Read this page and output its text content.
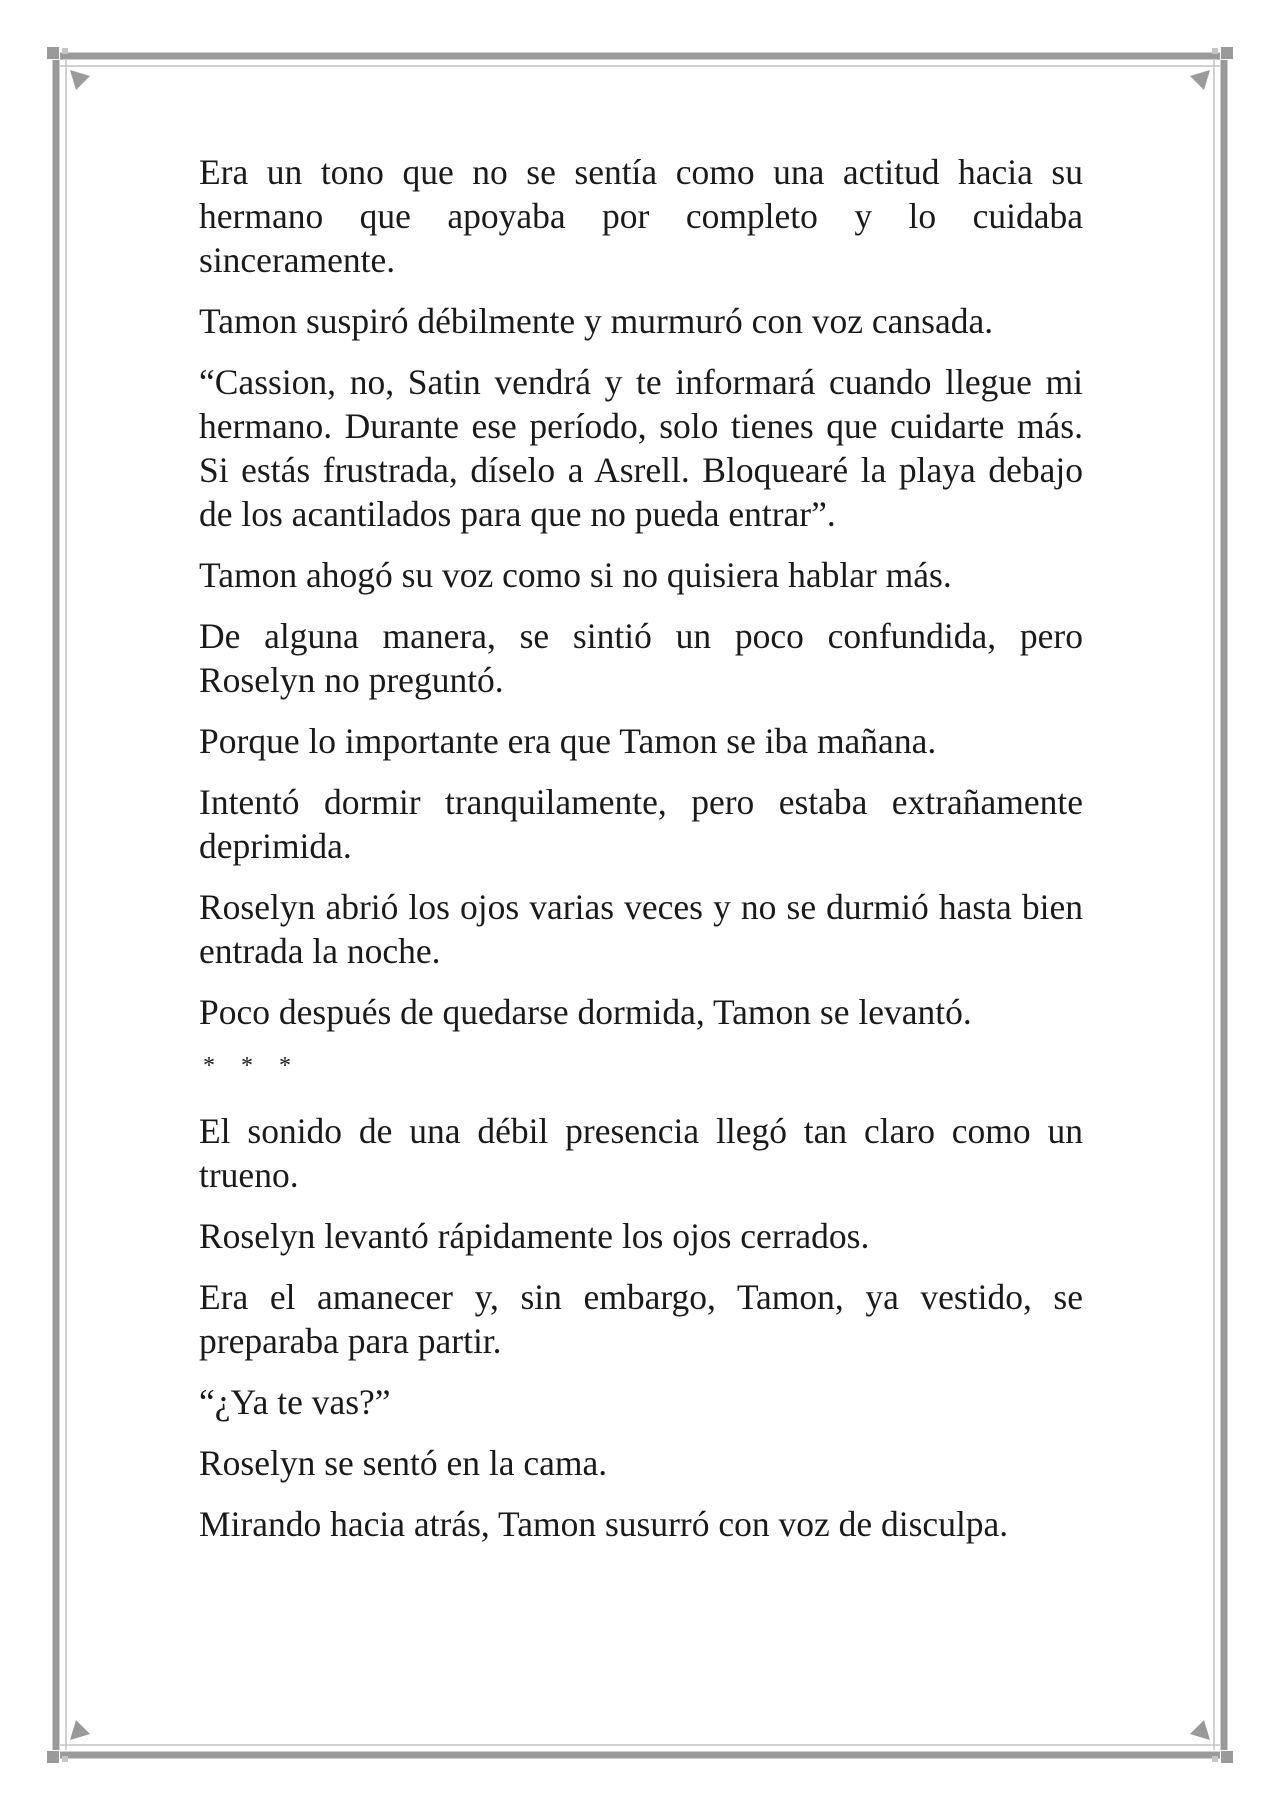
Era un tono que no se sentía como una actitud hacia su hermano que apoyaba por completo y lo cuidaba sinceramente.

Tamon suspiró débilmente y murmuró con voz cansada.

“Cassion, no, Satin vendrá y te informará cuando llegue mi hermano. Durante ese período, solo tienes que cuidarte más. Si estás frustrada, díselo a Asrell. Bloquearé la playa debajo de los acantilados para que no pueda entrar”.

Tamon ahogó su voz como si no quisiera hablar más.

De alguna manera, se sintió un poco confundida, pero Roselyn no preguntó.

Porque lo importante era que Tamon se iba mañana.

Intentó dormir tranquilamente, pero estaba extrañamente deprimida.

Roselyn abrió los ojos varias veces y no se durmió hasta bien entrada la noche.

Poco después de quedarse dormida, Tamon se levantó.

* * *

El sonido de una débil presencia llegó tan claro como un trueno.

Roselyn levantó rápidamente los ojos cerrados.

Era el amanecer y, sin embargo, Tamon, ya vestido, se preparaba para partir.

“¿Ya te vas?”

Roselyn se sentó en la cama.

Mirando hacia atrás, Tamon susurró con voz de disculpa.
